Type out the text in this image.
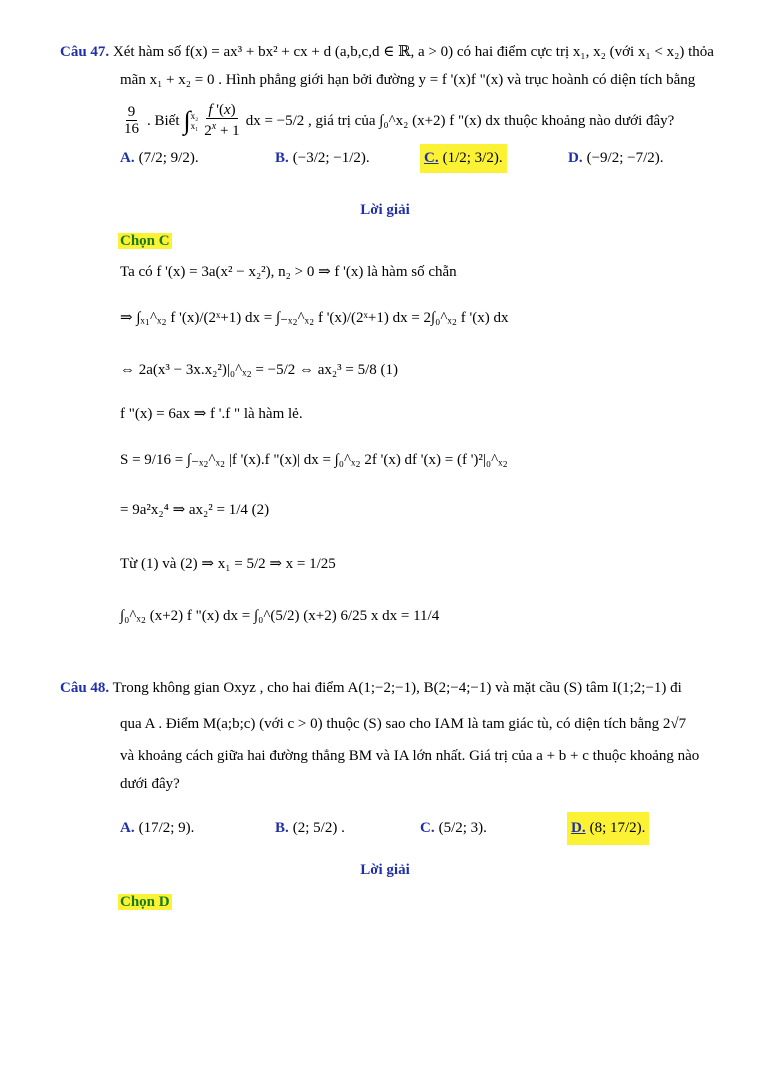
Câu 47. Xét hàm số f(x) = ax³ + bx² + cx + d (a,b,c,d ∈ ℝ, a > 0) có hai điểm cực trị x₁, x₂ (với x₁ < x₂) thỏa
mãn x₁ + x₂ = 0 . Hình phẳng giới hạn bởi đường y = f '(x)f "(x) và trục hoành có diện tích bằng
$\frac{9}{16}$ . Biết ∫ x₂
$x_1 \frac{f '(x)}{2^x + 1}$ dx = −5/2 , giá trị của ∫₀^x₂ (x+2) f "(x) dx thuộc khoảng nào dưới đây?
A. (7/2; 9/2).	B. (−3/2; −1/2).	C. (1/2; 3/2).	D. (−9/2; −7/2).
Lời giải
Chọn C
Ta có f '(x) = 3a(x² − x₂²), n₂ > 0 ⇒ f '(x) là hàm số chẵn
⇒ ∫ₓ₁^ₓ₂ f '(x)/(2ˣ+1) dx = ∫₋ₓ₂^ₓ₂ f '(x)/(2ˣ+1) dx = 2∫₀^ₓ₂ f '(x) dx
⇔ 2a(x³ − 3x.x₂²)|₀^ₓ₂ = −5/2 ⇔ ax₂³ = 5/8 (1)
f "(x) = 6ax ⇒ f '.f " là hàm lẻ.
S = 9/16 = ∫₋ₓ₂^ₓ₂ |f '(x).f "(x)| dx = ∫₀^ₓ₂ 2f '(x) df '(x) = (f ')²|₀^ₓ₂
= 9a²x₂⁴ ⇒ ax₂² = 1/4 (2)
Từ (1) và (2) ⇒ x₁ = 5/2 ⇒ x = 1/25
∫₀^ₓ₂ (x+2) f "(x) dx = ∫₀^(5/2) (x+2) 6/25 x dx = 11/4
Câu 48. Trong không gian Oxyz , cho hai điểm A(1;−2;−1), B(2;−4;−1) và mặt cầu (S) tâm I(1;2;−1) đi
qua A . Điểm M(a;b;c) (với c > 0) thuộc (S) sao cho IAM là tam giác tù, có diện tích bằng 2√7
và khoảng cách giữa hai đường thẳng BM và IA lớn nhất. Giá trị của a + b + c thuộc khoảng nào
dưới đây?
A. (17/2; 9).	B. (2; 5/2) .	C. (5/2; 3).	D. (8; 17/2).
Lời giải
Chọn D
